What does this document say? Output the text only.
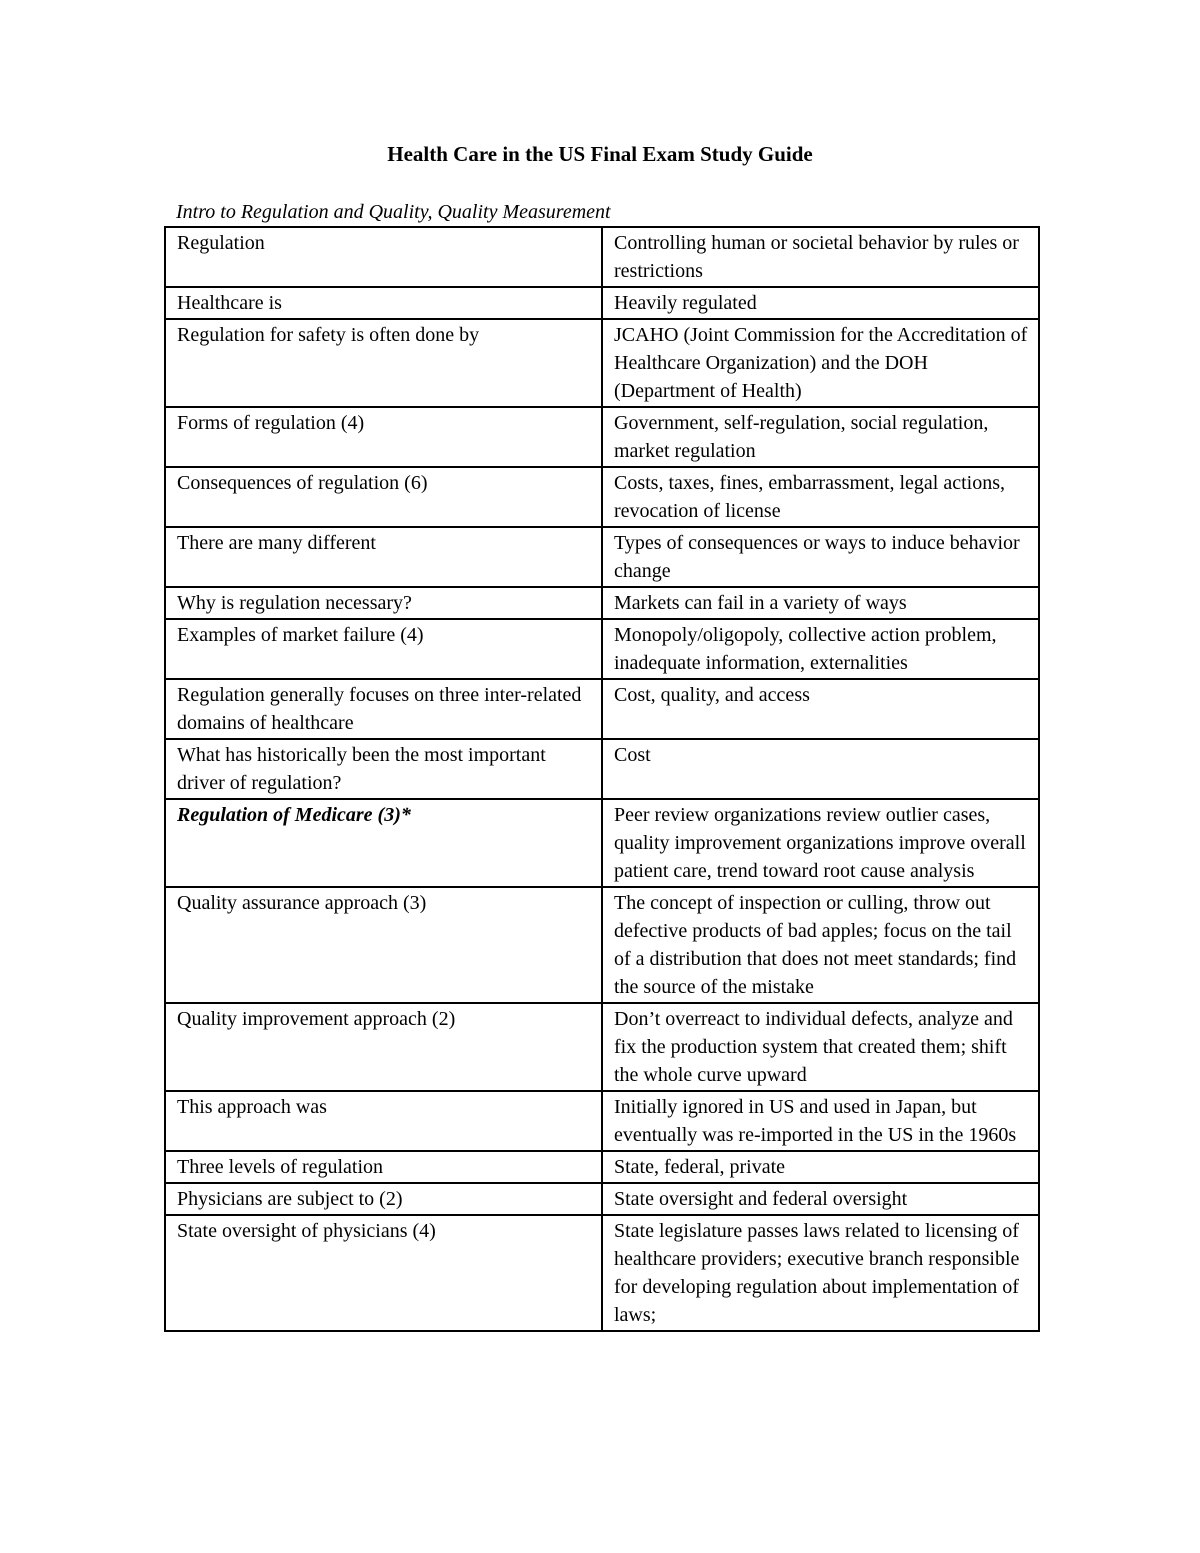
Health Care in the US Final Exam Study Guide
Intro to Regulation and Quality, Quality Measurement
Regulation	Controlling human or societal behavior by rules or restrictions
Healthcare is	Heavily regulated
Regulation for safety is often done by	JCAHO (Joint Commission for the Accreditation of Healthcare Organization) and the DOH (Department of Health)
Forms of regulation (4)	Government, self-regulation, social regulation, market regulation
Consequences of regulation (6)	Costs, taxes, fines, embarrassment, legal actions, revocation of license
There are many different	Types of consequences or ways to induce behavior change
Why is regulation necessary?	Markets can fail in a variety of ways
Examples of market failure (4)	Monopoly/oligopoly, collective action problem, inadequate information, externalities
Regulation generally focuses on three inter-related domains of healthcare	Cost, quality, and access
What has historically been the most important driver of regulation?	Cost
Regulation of Medicare (3)*	Peer review organizations review outlier cases, quality improvement organizations improve overall patient care, trend toward root cause analysis
Quality assurance approach (3)	The concept of inspection or culling, throw out defective products of bad apples; focus on the tail of a distribution that does not meet standards; find the source of the mistake
Quality improvement approach (2)	Don’t overreact to individual defects, analyze and fix the production system that created them; shift the whole curve upward
This approach was	Initially ignored in US and used in Japan, but eventually was re-imported in the US in the 1960s
Three levels of regulation	State, federal, private
Physicians are subject to (2)	State oversight and federal oversight
State oversight of physicians (4)	State legislature passes laws related to licensing of healthcare providers; executive branch responsible for developing regulation about implementation of laws;
